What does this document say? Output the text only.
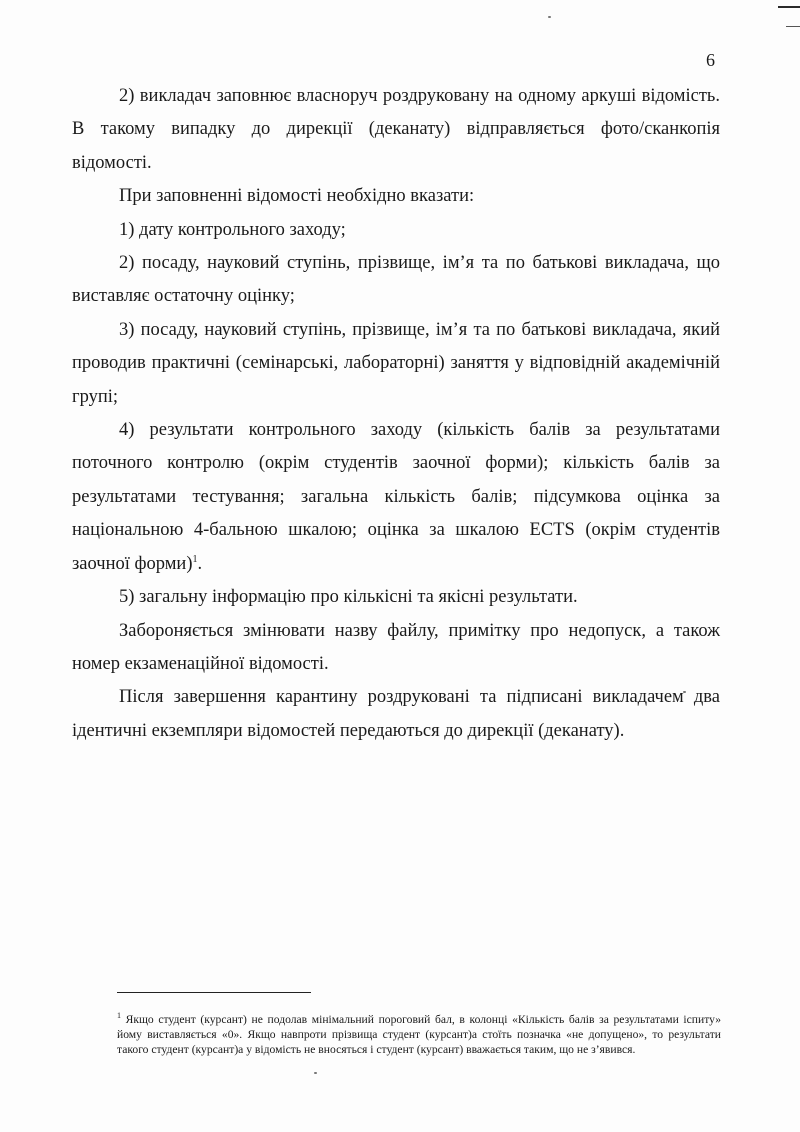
6

2) викладач заповнює власноруч роздруковану на одному аркуші відомість. В такому випадку до дирекції (деканату) відправляється фото/сканкопія відомості.

При заповненні відомості необхідно вказати:

1) дату контрольного заходу;

2) посаду, науковий ступінь, прізвище, ім’я та по батькові викладача, що виставляє остаточну оцінку;

3) посаду, науковий ступінь, прізвище, ім’я та по батькові викладача, який проводив практичні (семінарські, лабораторні) заняття у відповідній академічній групі;

4) результати контрольного заходу (кількість балів за результатами поточного контролю (окрім студентів заочної форми); кількість балів за результатами тестування; загальна кількість балів; підсумкова оцінка за національною 4-бальною шкалою; оцінка за шкалою ECTS (окрім студентів заочної форми)$^1$.

5) загальну інформацію про кількісні та якісні результати.

Забороняється змінювати назву файлу, примітку про недопуск, а також номер екзаменаційної відомості.

Після завершення карантину роздруковані та підписані викладачем два ідентичні екземпляри відомостей передаються до дирекції (деканату).

$^1$ Якщо студент (курсант) не подолав мінімальний пороговий бал, в колонці «Кількість балів за результатами іспиту» йому виставляється «0». Якщо навпроти прізвища студент (курсант)а стоїть позначка «не допущено», то результати такого студент (курсант)а у відомість не вносяться і студент (курсант) вважається таким, що не з’явився.
